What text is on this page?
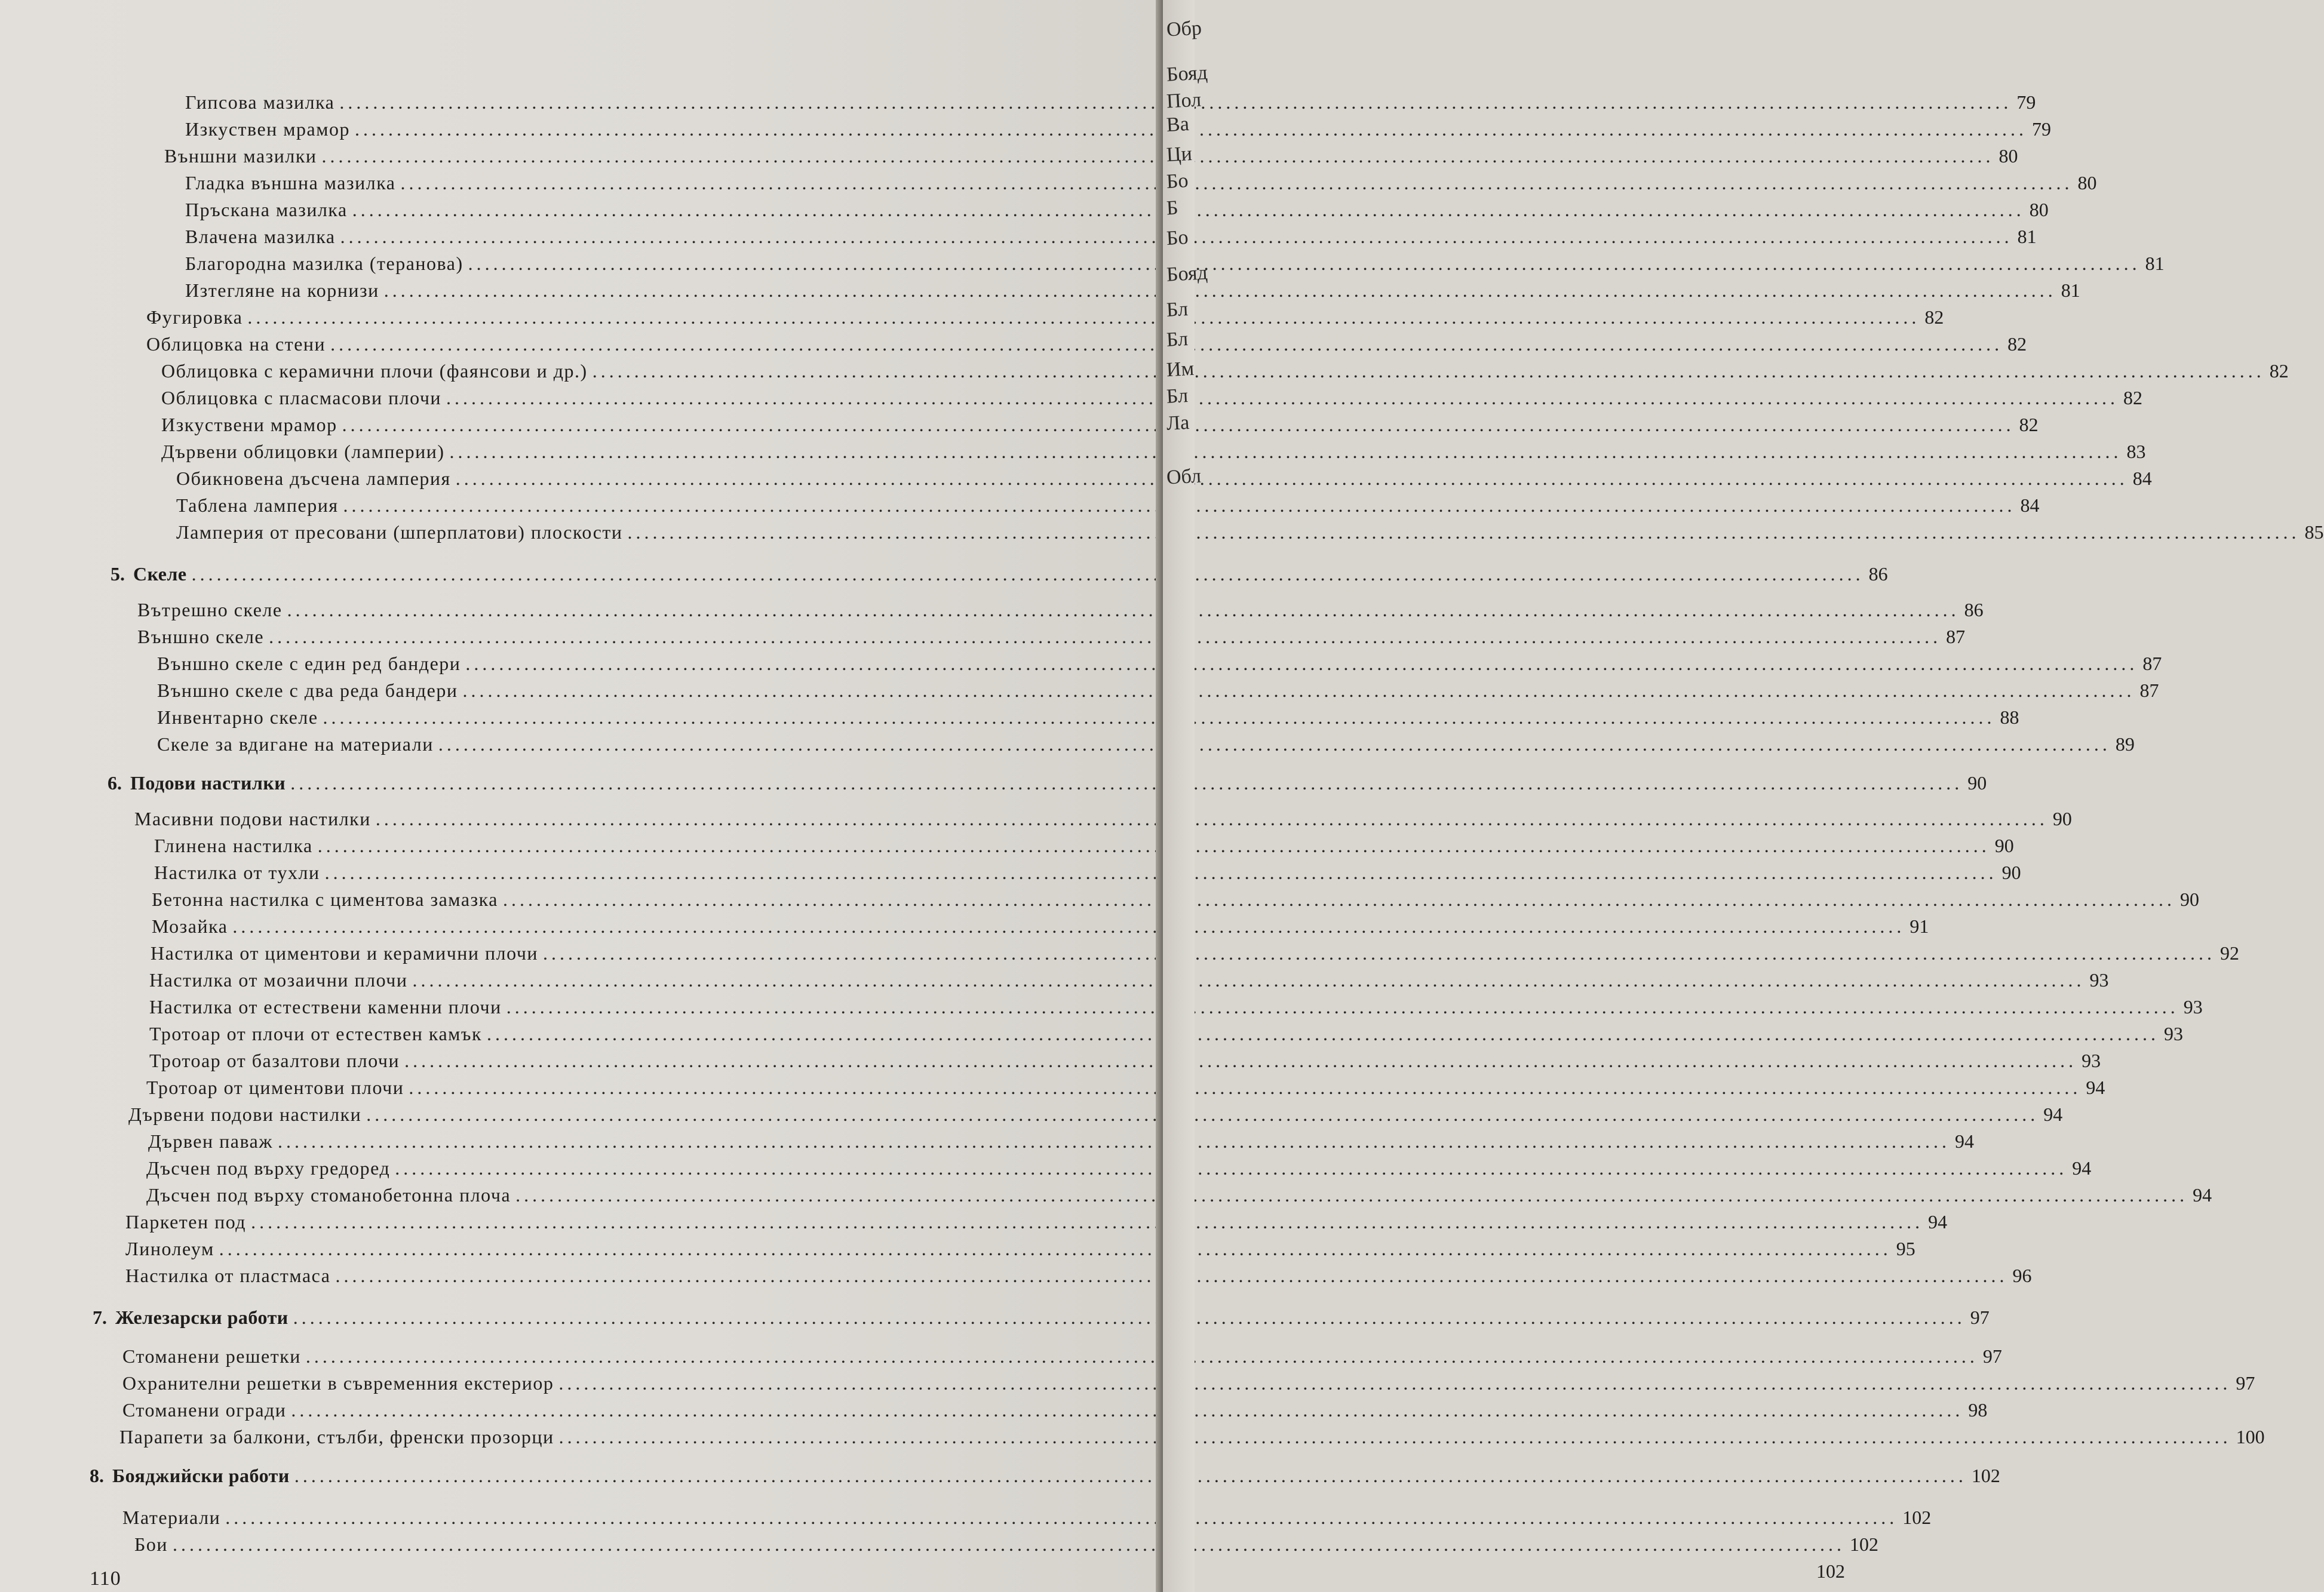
Гипсова мазилка .....	79
Изкуствен мрамор .....	79
Външни мазилки .....	80
Гладка външна мазилка .....	80
Пръскана мазилка .....	80
Влачена мазилка .....	81
Благородна мазилка (теранова) .....	81
Изтегляне на корнизи .....	81
Фугировка .....	82
Облицовка на стени .....	82
Облицовка с керамични плочи (фаянсови и др.) .....	82
Облицовка с пласмасови плочи .....	82
Изкуствени мрамор .....	82
Дървени облицовки (ламперии) .....	83
Обикновена дъсчена ламперия .....	84
Таблена ламперия .....	84
Ламперия от пресовани (шперплатови) плоскости .....	85
5. Скеле .....	86
Вътрешно скеле .....	86
Външно скеле .....	87
Външно скеле с един ред бандери .....	87
Външно скеле с два реда бандери .....	87
Инвентарно скеле .....	88
Скеле за вдигане на материали .....	89
6. Подови настилки .....	90
Масивни подови настилки .....	90
Глинена настилка .....	90
Настилка от тухли .....	90
Бетонна настилка с циментова замазка .....	90
Мозайка .....	91
Настилка от циментови и керамични плочи .....	92
Настилка от мозаични плочи .....	93
Настилка от естествени каменни плочи .....	93
Тротоар от плочи от естествен камък .....	93
Тротоар от базалтови плочи .....	93
Тротоар от циментови плочи .....	94
Дървени подови настилки .....	94
Дървен паваж .....	94
Дъсчен под върху гредоред .....	94
Дъсчен под върху стоманобетонна плоча .....	94
Паркетен под .....	94
Линолеум .....	95
Настилка от пластмаса .....	96
7. Железарски работи .....	97
Стоманени решетки .....	97
Охранителни решетки в съвременния екстериор .....	97
Стоманени огради .....	98
Парапети за балкони, стълби, френски прозорци .....	100
8. Бояджийски работи .....	102
Материали .....	102
Бои .....	102
102
110
Обр
Бояд
Пол
Ва
Ци
Бо
Б
Бо
Бояд
Бл
Бл
Им
Бл
Ла
Обл
